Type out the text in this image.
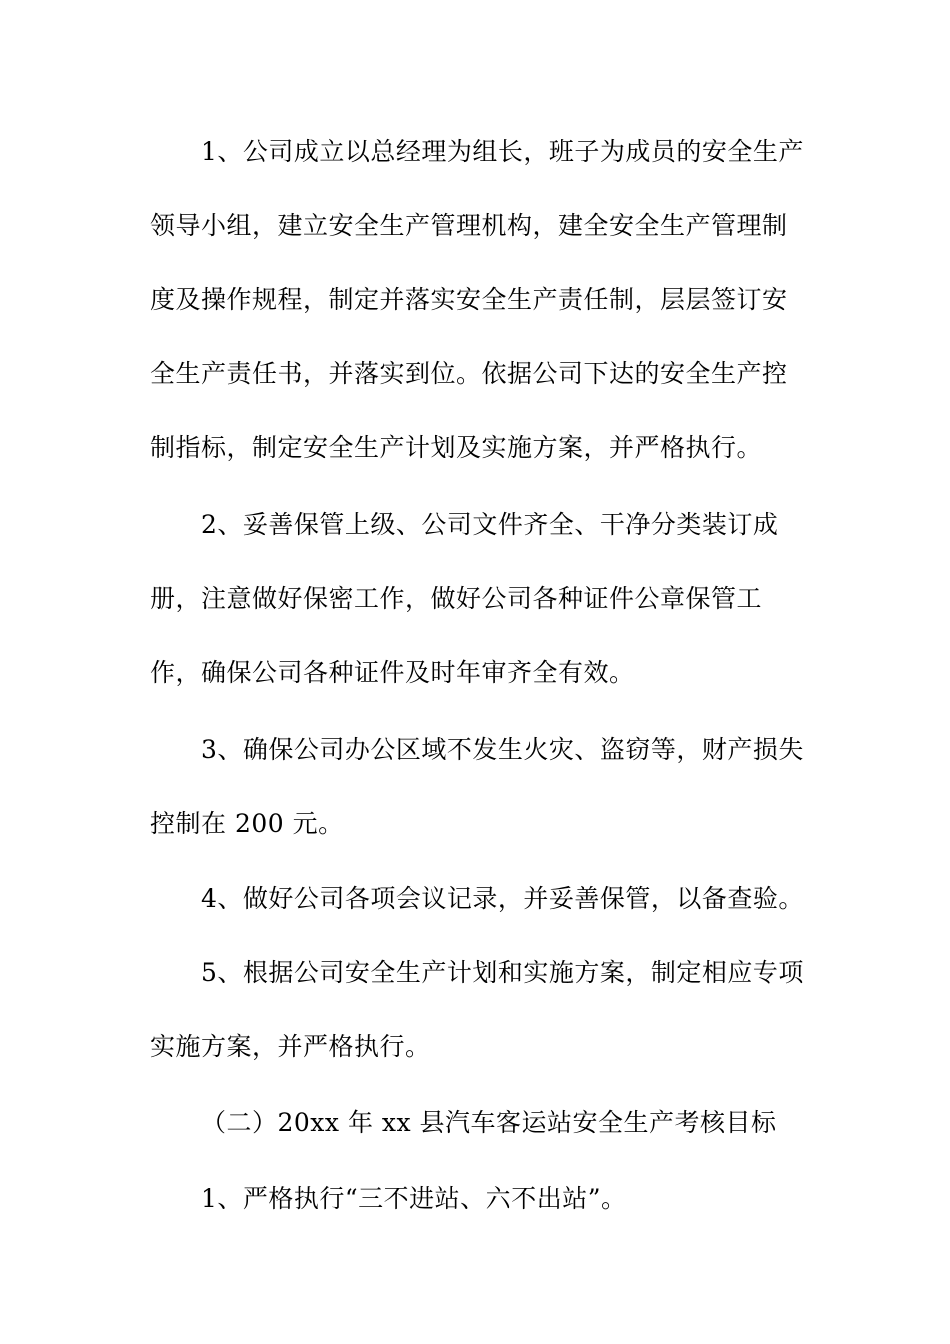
1、公司成立以总经理为组长，班子为成员的安全生产
领导小组，建立安全生产管理机构，建全安全生产管理制
度及操作规程，制定并落实安全生产责任制，层层签订安
全生产责任书，并落实到位。依据公司下达的安全生产控
制指标，制定安全生产计划及实施方案，并严格执行。
2、妥善保管上级、公司文件齐全、干净分类装订成
册，注意做好保密工作，做好公司各种证件公章保管工
作，确保公司各种证件及时年审齐全有效。
3、确保公司办公区域不发生火灾、盗窃等，财产损失
控制在 200 元。
4、做好公司各项会议记录，并妥善保管，以备查验。
5、根据公司安全生产计划和实施方案，制定相应专项
实施方案，并严格执行。
（二）20xx 年 xx 县汽车客运站安全生产考核目标
1、严格执行“三不进站、六不出站”。
